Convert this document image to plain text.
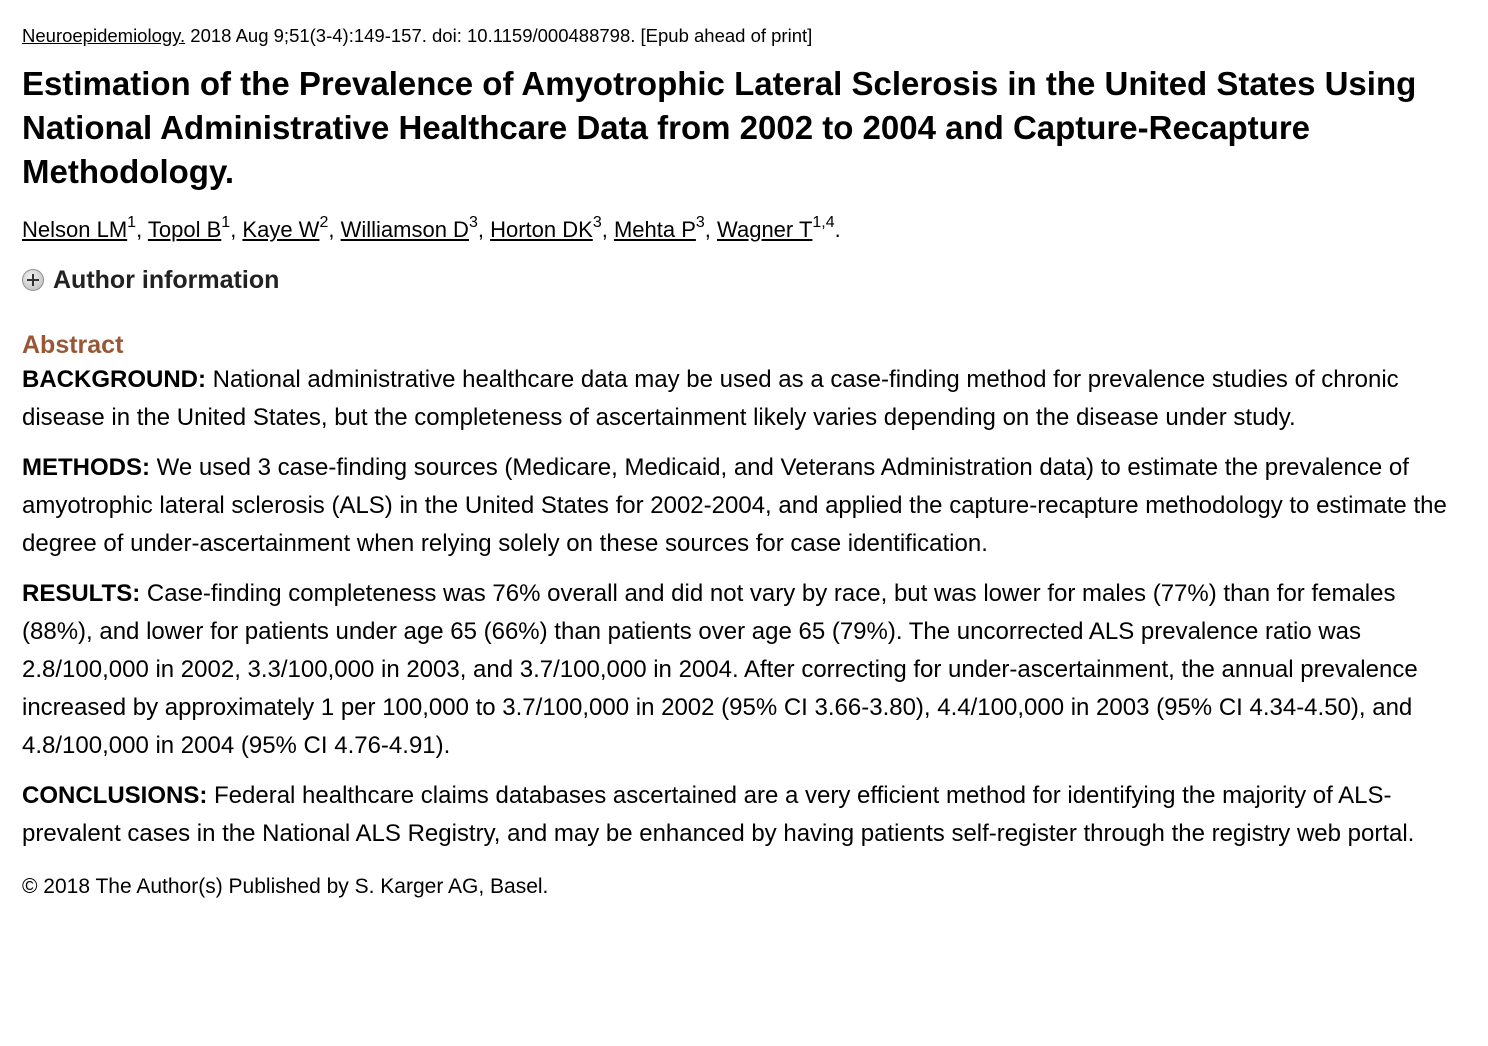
Neuroepidemiology. 2018 Aug 9;51(3-4):149-157. doi: 10.1159/000488798. [Epub ahead of print]

Estimation of the Prevalence of Amyotrophic Lateral Sclerosis in the United States Using National Administrative Healthcare Data from 2002 to 2004 and Capture-Recapture Methodology.

Nelson $LM^1$, Topol $B^1$, Kaye $W^2$, Williamson $D^3$, Horton $DK^3$, Mehta $P^3$, Wagner T$^{1,4}$.

Author information
Abstract

BACKGROUND: National administrative healthcare data may be used as a case-finding method for prevalence studies of chronic disease in the United States, but the completeness of ascertainment likely varies depending on the disease under study.

METHODS: We used 3 case-finding sources (Medicare, Medicaid, and Veterans Administration data) to estimate the prevalence of amyotrophic lateral sclerosis (ALS) in the United States for 2002-2004, and applied the capture-recapture methodology to estimate the degree of under-ascertainment when relying solely on these sources for case identification.

RESULTS: Case-finding completeness was 76% overall and did not vary by race, but was lower for males (77%) than for females (88%), and lower for patients under age 65 (66%) than patients over age 65 (79%). The uncorrected ALS prevalence ratio was 2.8/100,000 in 2002, 3.3/100,000 in 2003, and 3.7/100,000 in 2004. After correcting for under-ascertainment, the annual prevalence increased by approximately 1 per 100,000 to 3.7/100,000 in 2002 (95% CI 3.66-3.80), 4.4/100,000 in 2003 (95% CI 4.34-4.50), and 4.8/100,000 in 2004 (95% CI 4.76-4.91).

CONCLUSIONS: Federal healthcare claims databases ascertained are a very efficient method for identifying the majority of ALS-prevalent cases in the National ALS Registry, and may be enhanced by having patients self-register through the registry web portal.

© 2018 The Author(s) Published by S. Karger AG, Basel.
